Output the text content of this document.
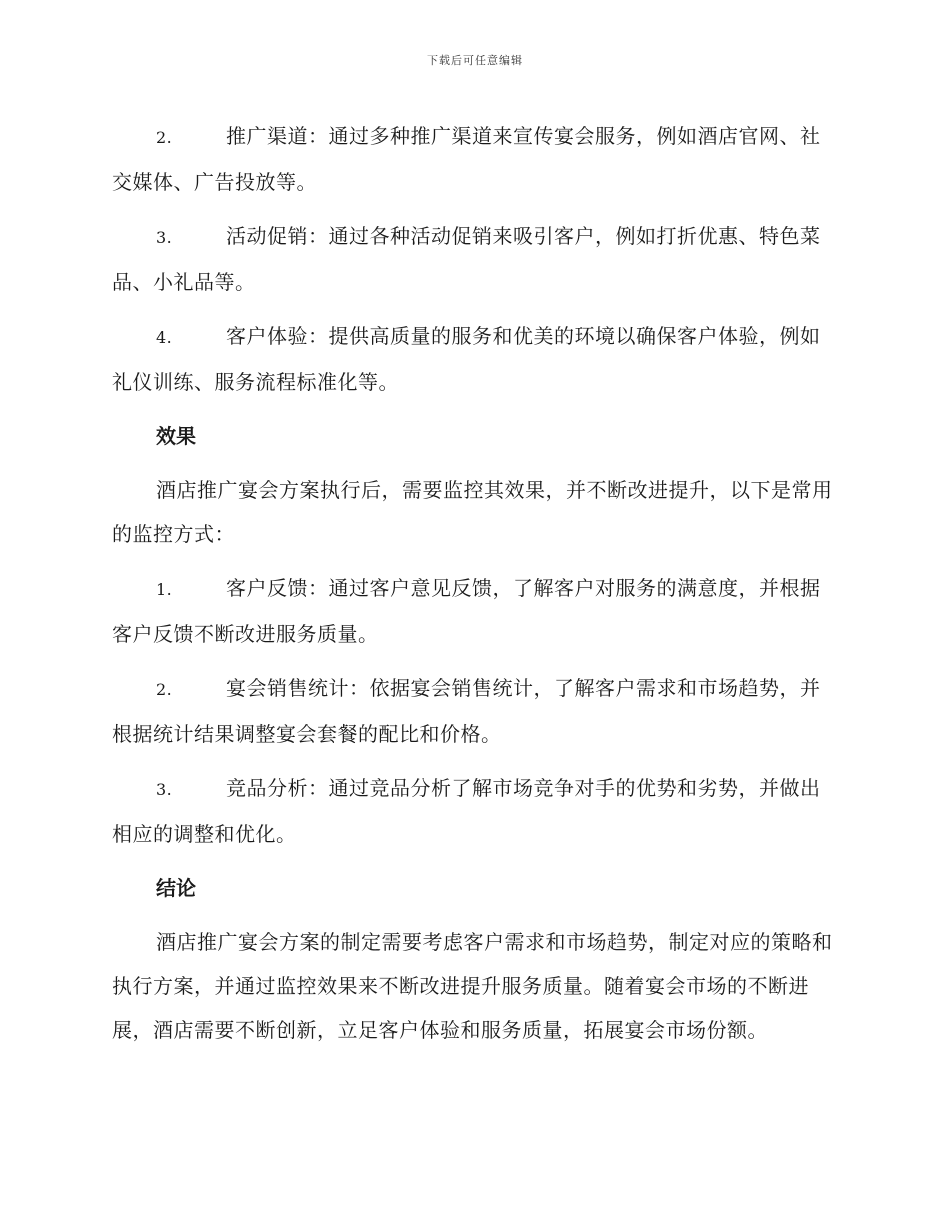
下载后可任意编辑
2.	推广渠道：通过多种推广渠道来宣传宴会服务，例如酒店官网、社交媒体、广告投放等。
3.	活动促销：通过各种活动促销来吸引客户，例如打折优惠、特色菜品、小礼品等。
4.	客户体验：提供高质量的服务和优美的环境以确保客户体验，例如礼仪训练、服务流程标准化等。
效果
酒店推广宴会方案执行后，需要监控其效果，并不断改进提升，以下是常用的监控方式：
1.	客户反馈：通过客户意见反馈，了解客户对服务的满意度，并根据客户反馈不断改进服务质量。
2.	宴会销售统计：依据宴会销售统计，了解客户需求和市场趋势，并根据统计结果调整宴会套餐的配比和价格。
3.	竞品分析：通过竞品分析了解市场竞争对手的优势和劣势，并做出相应的调整和优化。
结论
酒店推广宴会方案的制定需要考虑客户需求和市场趋势，制定对应的策略和执行方案，并通过监控效果来不断改进提升服务质量。随着宴会市场的不断进展，酒店需要不断创新，立足客户体验和服务质量，拓展宴会市场份额。
